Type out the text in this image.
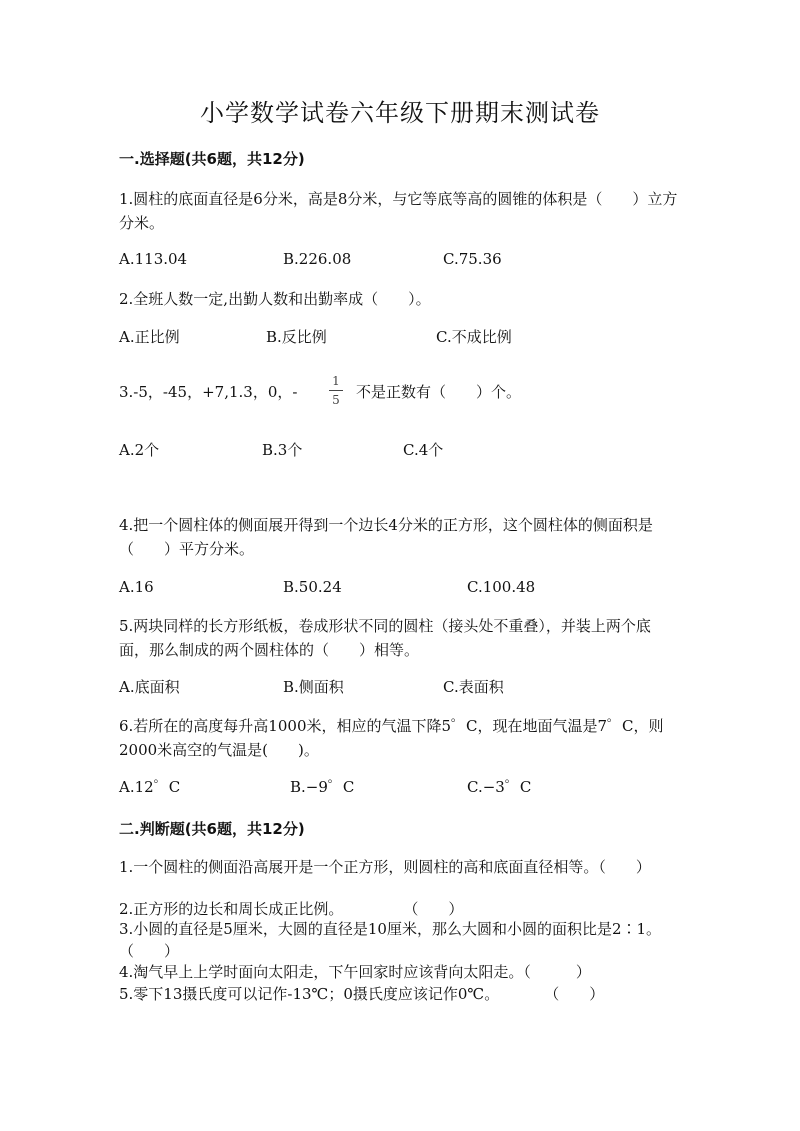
小学数学试卷六年级下册期末测试卷
一.选择题(共6题，共12分)
1.圆柱的底面直径是6分米，高是8分米，与它等底等高的圆锥的体积是（　　）立方分米。
A.113.04	B.226.08	C.75.36
2.全班人数一定,出勤人数和出勤率成（　　）。
A.正比例	B.反比例	C.不成比例
3.-5，-45，+7,1.3，0，-
1
5 不是正数有（　　）个。
A.2个	B.3个	C.4个
4.把一个圆柱体的侧面展开得到一个边长4分米的正方形，这个圆柱体的侧面积是（　　）平方分米。
A.16	B.50.24	C.100.48
5.两块同样的长方形纸板，卷成形状不同的圆柱（接头处不重叠），并装上两个底面，那么制成的两个圆柱体的（　　）相等。
A.底面积	B.侧面积	C.表面积
6.若所在的高度每升高1000米，相应的气温下降5゜C，现在地面气温是7゜C，则2000米高空的气温是(　　)。
A.12゜C	B.−9゜C	C.−3゜C
二.判断题(共6题，共12分)
1.一个圆柱的侧面沿高展开是一个正方形，则圆柱的高和底面直径相等。（　　）
2.正方形的边长和周长成正比例。　　　　　（　　）
3.小圆的直径是5厘米，大圆的直径是10厘米，那么大圆和小圆的面积比是2∶1。　　（　　）
4.淘气早上上学时面向太阳走，下午回家时应该背向太阳走。（　　　）
5.零下13摄氏度可以记作-13℃；0摄氏度应该记作0℃。　　　　（　　）
